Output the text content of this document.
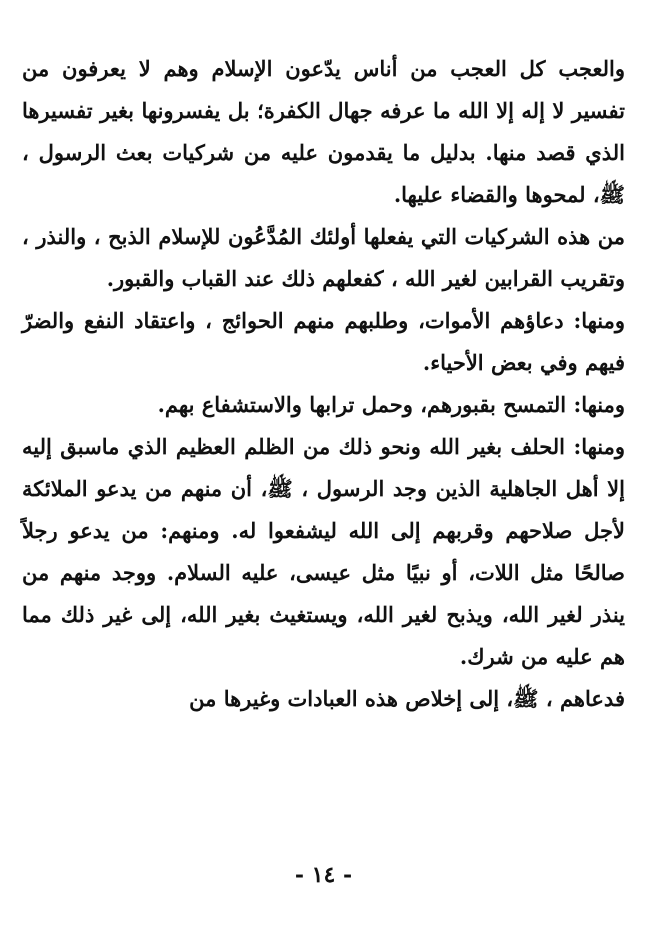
والعجب كل العجب من أناس يدّعون الإسلام وهم لا يعرفون من تفسير لا إله إلا الله ما عرفه جهال الكفرة؛ بل يفسرونها بغير تفسيرها الذي قصد منها. بدليل ما يقدمون عليه من شركيات بعث الرسول ، ﷺ، لمحوها والقضاء عليها.

من هذه الشركيات التي يفعلها أولئك المُدَّعُون للإسلام الذبح ، والنذر ، وتقريب القرابين لغير الله ، كفعلهم ذلك عند القباب والقبور.

ومنها: دعاؤهم الأموات، وطلبهم منهم الحوائج ، واعتقاد النفع والضرّ فيهم وفي بعض الأحياء.

ومنها: التمسح بقبورهم، وحمل ترابها والاستشفاع بهم.

ومنها: الحلف بغير الله ونحو ذلك من الظلم العظيم الذي ماسبق إليه إلا أهل الجاهلية الذين وجد الرسول ، ﷺ، أن منهم من يدعو الملائكة لأجل صلاحهم وقربهم إلى الله ليشفعوا له. ومنهم: من يدعو رجلاً صالحًا مثل اللات، أو نبيًا مثل عيسى، عليه السلام. ووجد منهم من ينذر لغير الله، ويذبح لغير الله، ويستغيث بغير الله، إلى غير ذلك مما هم عليه من شرك.

فدعاهم ، ﷺ، إلى إخلاص هذه العبادات وغيرها من

- ١٤ -
